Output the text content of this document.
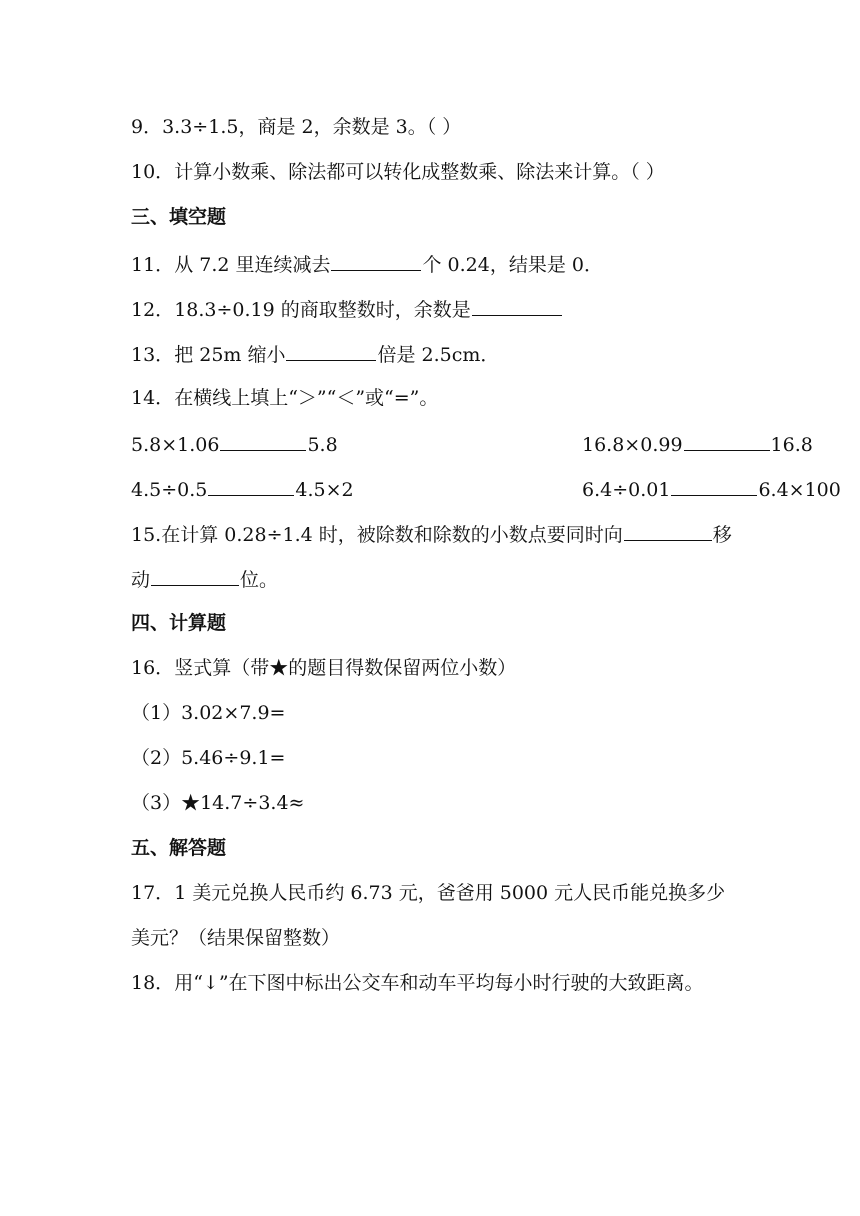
9．3.3÷1.5，商是 2，余数是 3。（ ）
10．计算小数乘、除法都可以转化成整数乘、除法来计算。（ ）
三、填空题
11．从 7.2 里连续减去	个 0.24，结果是 0．
12．18.3÷0.19 的商取整数时，余数是
13．把 25m 缩小	倍是 2.5cm．
14．在横线上填上“＞”“＜”或“=”。
5.8×1.06	5.8	16.8×0.99	16.8
4.5÷0.5	4.5×2	6.4÷0.01	6.4×100
15.在计算 0.28÷1.4 时，被除数和除数的小数点要同时向	移
动	位。
四、计算题
16．竖式算（带★的题目得数保留两位小数）
（1）3.02×7.9=
（2）5.46÷9.1=
（3）★14.7÷3.4≈
五、解答题
17．1 美元兑换人民币约 6.73 元，爸爸用 5000 元人民币能兑换多少
美元？（结果保留整数）
18．用“↓”在下图中标出公交车和动车平均每小时行驶的大致距离。
